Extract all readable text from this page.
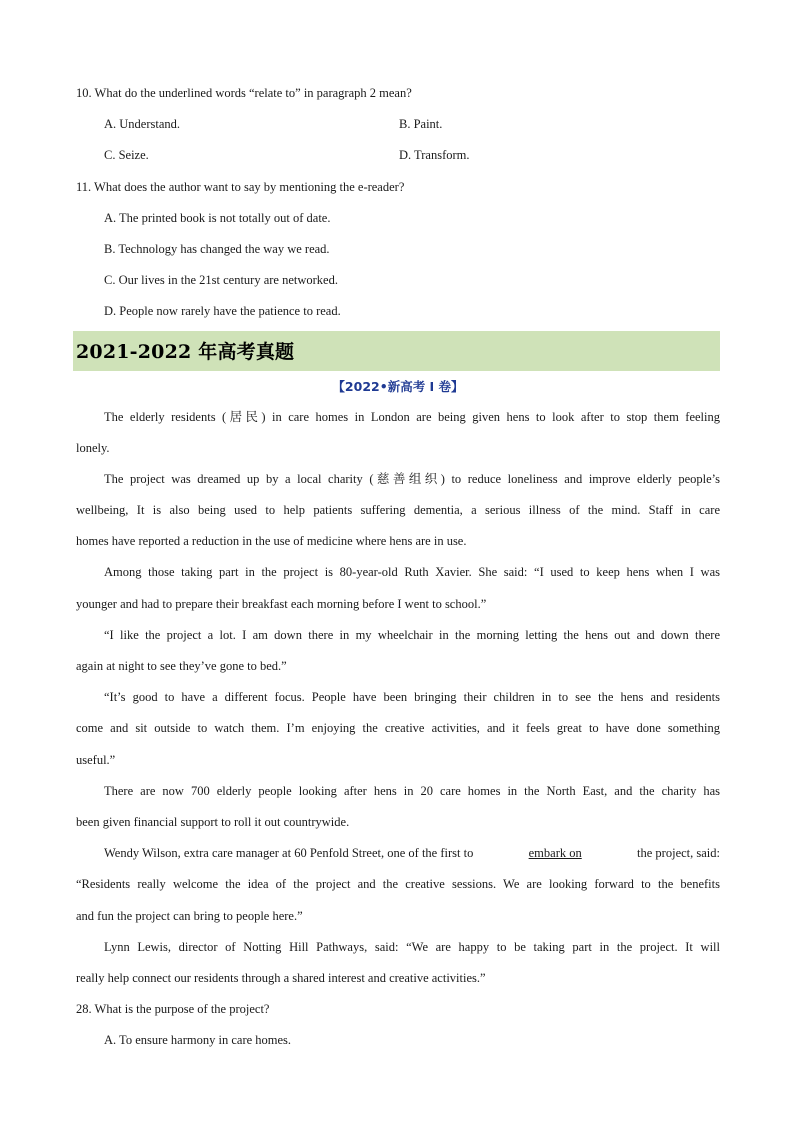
10. What do the underlined words “relate to” in paragraph 2 mean?
A. Understand.	B. Paint.
C. Seize.	D. Transform.
11. What does the author want to say by mentioning the e-reader?
A. The printed book is not totally out of date.
B. Technology has changed the way we read.
C. Our lives in the 21st century are networked.
D. People now rarely have the patience to read.
2021-2022 年高考真题
【2022•新高考 I 卷】
The elderly residents (居民) in care homes in London are being given hens to look after to stop them feeling
lonely.
The project was dreamed up by a local charity (慈善组织) to reduce loneliness and improve elderly people’s
wellbeing, It is also being used to help patients suffering dementia, a serious illness of the mind. Staff in care
homes have reported a reduction in the use of medicine where hens are in use.
Among those taking part in the project is 80-year-old Ruth Xavier. She said: “I used to keep hens when I was
younger and had to prepare their breakfast each morning before I went to school.”
“I like the project a lot. I am down there in my wheelchair in the morning letting the hens out and down there
again at night to see they’ve gone to bed.”
“It’s good to have a different focus. People have been bringing their children in to see the hens and residents
come and sit outside to watch them. I’m enjoying the creative activities, and it feels great to have done something
useful.”
There are now 700 elderly people looking after hens in 20 care homes in the North East, and the charity has
been given financial support to roll it out countrywide.
Wendy Wilson, extra care manager at 60 Penfold Street, one of the first to	embark on	the project, said:
“Residents really welcome the idea of the project and the creative sessions. We are looking forward to the benefits
and fun the project can bring to people here.”
Lynn Lewis, director of Notting Hill Pathways, said: “We are happy to be taking part in the project. It will
really help connect our residents through a shared interest and creative activities.”
28. What is the purpose of the project?
A. To ensure harmony in care homes.
